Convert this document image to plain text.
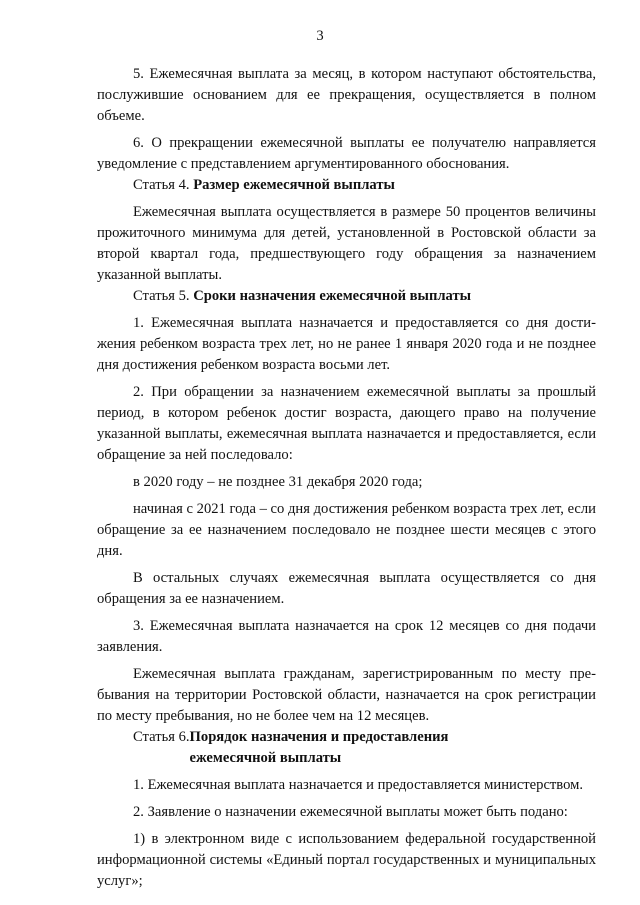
3

5. Ежемесячная выплата за месяц, в котором наступают обстоятельства, послужившие основанием для ее прекращения, осуществляется в полном объеме.

6. О прекращении ежемесячной выплаты ее получателю направляется уведомление с представлением аргументированного обоснования.

Статья 4. Размер ежемесячной выплаты

Ежемесячная выплата осуществляется в размере 50 процентов величины прожиточного минимума для детей, установленной в Ростовской области за второй квартал года, предшествующего году обращения за назначением указанной выплаты.

Статья 5. Сроки назначения ежемесячной выплаты

1. Ежемесячная выплата назначается и предоставляется со дня достижения ребенком возраста трех лет, но не ранее 1 января 2020 года и не позднее дня достижения ребенком возраста восьми лет.

2. При обращении за назначением ежемесячной выплаты за прошлый период, в котором ребенок достиг возраста, дающего право на получение указанной выплаты, ежемесячная выплата назначается и предоставляется, если обращение за ней последовало:

в 2020 году – не позднее 31 декабря 2020 года;

начиная с 2021 года – со дня достижения ребенком возраста трех лет, если обращение за ее назначением последовало не позднее шести месяцев с этого дня.

В остальных случаях ежемесячная выплата осуществляется со дня обращения за ее назначением.

3. Ежемесячная выплата назначается на срок 12 месяцев со дня подачи заявления.

Ежемесячная выплата гражданам, зарегистрированным по месту пребывания на территории Ростовской области, назначается на срок регистрации по месту пребывания, но не более чем на 12 месяцев.

Статья 6.Порядок назначения и предоставления
ежемесячной выплаты

1. Ежемесячная выплата назначается и предоставляется министерством.

2. Заявление о назначении ежемесячной выплаты может быть подано:

1) в электронном виде с использованием федеральной государственной информационной системы «Единый портал государственных и муниципальных услуг»;
